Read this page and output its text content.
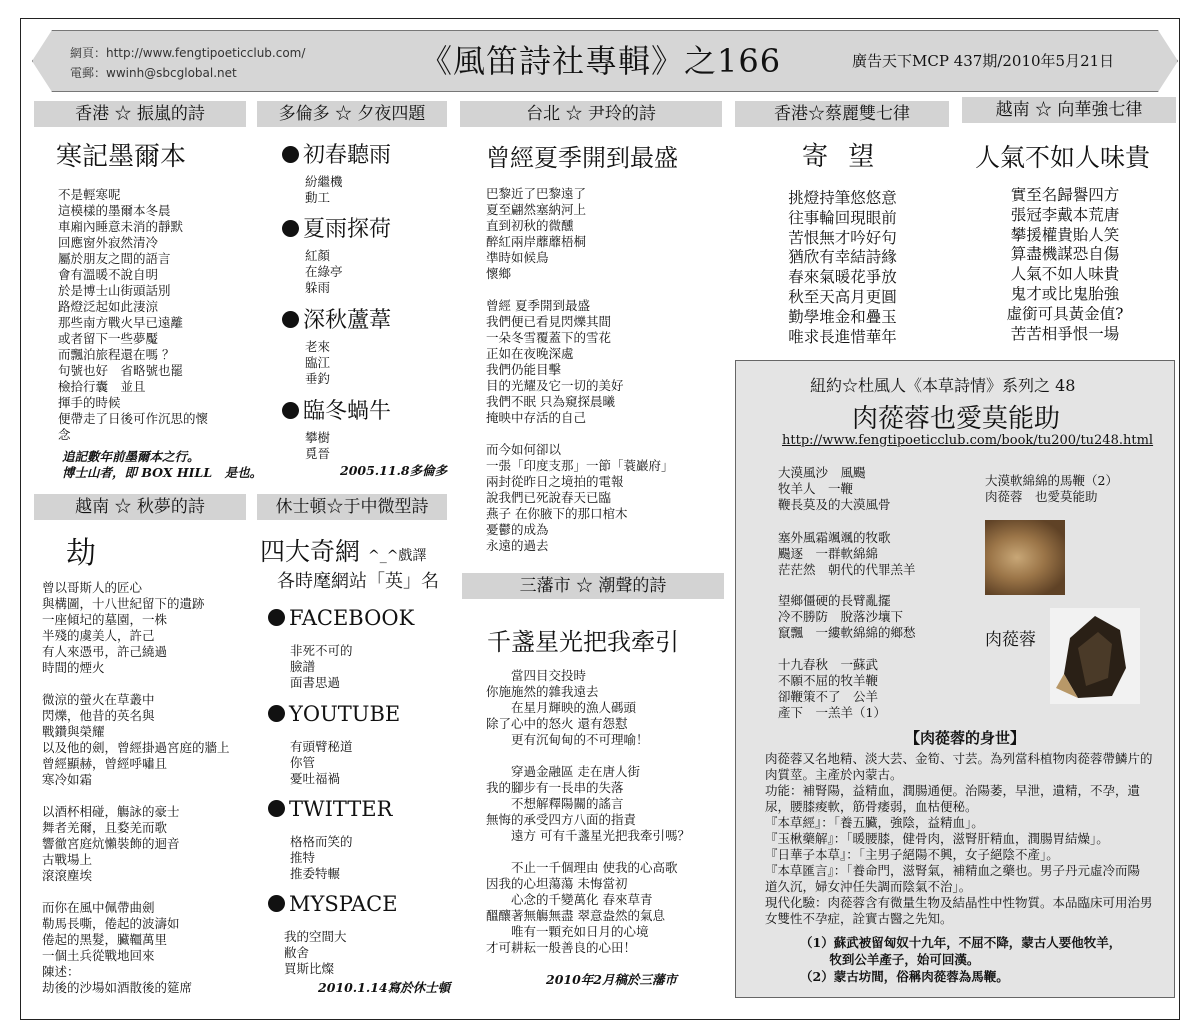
網頁：http://www.fengtipoeticclub.com/
電郵：wwinh@sbcglobal.net	《風笛詩社專輯》之166	廣告天下MCP 437期/2010年5月21日
香港 ☆ 振嵐的詩
寒記墨爾本
不是輕寒呢
這模樣的墨爾本冬晨
車廂內睡意未消的靜默
回應窗外寂然清冷
屬於朋友之間的語言
會有溫暖不說自明
於是博士山街頭話別
路燈泛起如此淒涼
那些南方戰火早已遠離
或者留下一些夢魘
而飄泊旅程還在嗎 ？
句號也好　省略號也罷
檢拾行囊　並且
揮手的時候
便帶走了日後可作沉思的懷
念
追記數年前墨爾本之行。
博士山者，即 BOX HILL　是也。
多倫多 ☆ 夕夜四題
初春聽雨
紛繼機
動工
夏雨探荷
紅顏
在綠亭
躲雨
深秋蘆葦
老來
臨江
垂釣
臨冬蝸牛
攀樹
覓晉
2005.11.8多倫多
台北 ☆ 尹玲的詩
曾經夏季開到最盛
巴黎近了巴黎遠了
夏至翩然塞納河上
直到初秋的微醺
醉紅兩岸蘼蘼梧桐
凖時如候鳥
懷鄉

曾經 夏季開到最盛
我們便已看見閃爍其間
一朵冬雪覆蓋下的雪花
正如在夜晚深處
我們仍能目擊
目的光耀及它一切的美好
我們不眠 只為窺探晨曦
掩映中存活的自己

而今如何卻以
一張「印度支那」一節「蓑巖府」
兩封從昨日之境拍的電報
說我們已死說春天已臨
燕子 在你腋下的那口棺木
憂鬱的成為
永遠的過去
香港☆蔡麗雙七律
寄 望
挑燈持筆悠悠意
往事輪回現眼前
苦恨無才吟好句
猶欣有幸結詩緣
春來氣暖花爭放
秋至天高月更圓
勤學堆金和疊玉
唯求長進惜華年
越南 ☆ 向華強七律
人氣不如人味貴
實至名歸譽四方
張冠李戴本荒唐
攀援權貴貽人笑
算盡機謀恐自傷
人氣不如人味貴
鬼才或比鬼胎強
虛銜可具黃金值?
苦苦相爭恨一場
越南 ☆ 秋夢的詩
劫
曾以哥斯人的匠心
與構圖，十八世紀留下的遺跡
一座傾圮的墓園，一株
半殘的虞美人，許己
有人來憑弔，許己繞過
時間的煙火

微涼的螢火在草叢中
閃爍，他昔的英名與
戰鑽與榮耀
以及他的劍，曾經掛過宮庭的牆上
曾經顯赫，曾經呼嘯且
寒冷如霜

以酒杯相碰，觴詠的豪士
舞者羌爾，且婺羌而歌
響徹宮庭炕懶裝飾的迴音
古戰場上
滾滾塵埃

而你在風中佩帶曲劍
勒馬長嘶，倦起的波濤如
倦起的黑髮，臟韁萬里
一個土兵從戰地回來
陳述：
劫後的沙場如酒散後的筵席
休士頓☆于中微型詩
四大奇網 ^_^戲譯
各時麾網站「英」名
FACEBOOK
非死不可的
臉譜
面書思過
YOUTUBE
有頭臂秘道
你管
憂吐福禍
TWITTER
格格而笑的
推特
推委特輾
MYSPACE
我的空間大
敝舍
買斯比燦
2010.1.14寫於休士頓
三藩市 ☆ 潮聲的詩
千盞星光把我牽引
　　當四目交投時
你施施然的雜我遠去
　　在星月輝映的漁人碼頭
除了心中的怒火 還有怨懟
　　更有沉甸甸的不可理喻！

　　穿過金融區 走在唐人街
我的腳步有一長串的失落
　　不想解釋陽關的謠言
無悔的承受四方八面的指責
　　遠方 可有千盞星光把我牽引嗎？

　　不止一千個理由 使我的心高歌
因我的心坦蕩蕩 未悔當初
　　心念的千變萬化 春來草青
醞釀著無觴無盡 翠意盎然的氣息
　　唯有一顆充如日月的心境
才可耕耘一般善良的心田！
2010年2月稿於三藩市
紐約☆杜風人《本草詩情》系列之 48
肉蓯蓉也愛莫能助
http://www.fengtipoeticclub.com/book/tu200/tu248.html
大漠風沙　風颺
牧羊人　一鞭
鞭長莫及的大漠風骨
塞外風霜颯颯的牧歌
颺逐　一群軟綿綿
茫茫然　朝代的代罪羔羊
望鄉僵硬的長臂亂擺
冷不勝防　脫落沙壤下
竄飄　一縷軟綿綿的鄉愁
十九春秋　一蘇武
不願不屈的牧羊鞭
卻鞭策不了　公羊
產下　一羔羊（1）
大漠軟綿綿的馬鞭（2）
肉蓯蓉　也愛莫能助
肉蓯蓉
【肉蓯蓉的身世】
肉蓯蓉又名地精、淡大芸、金筍、寸芸。為列當科植物肉蓯蓉帶鱗片的
肉質莖。主產於內蒙古。
功能：補腎陽，益精血，潤腸通便。治陽萎，早泄，遺精，不孕，遺
尿，腰膝痠軟，筋骨痿弱，血枯便秘。
『本草經』：「養五臟，強陰，益精血」。
『玉楸藥解』：「暖腰膝，健骨肉，滋腎肝精血，潤腸胃結燥」。
『日華子本草』：「主男子絕陽不興，女子絕陰不產」。
『本草匯言』：「養命門，滋腎氣，補精血之藥也。男子丹元虛冷而陽
道久沉，婦女沖任失調而陰氣不治」。
現代化驗：肉蓯蓉含有微量生物及結晶性中性物質。本品臨床可用治男
女雙性不孕症，詮實古醫之先知。
（1）蘇武被留匈奴十九年，不屈不降，蒙古人要他牧羊，
　　 牧到公羊產子，始可回漢。
（2）蒙古坊間，俗稱肉蓯蓉為馬鞭。
